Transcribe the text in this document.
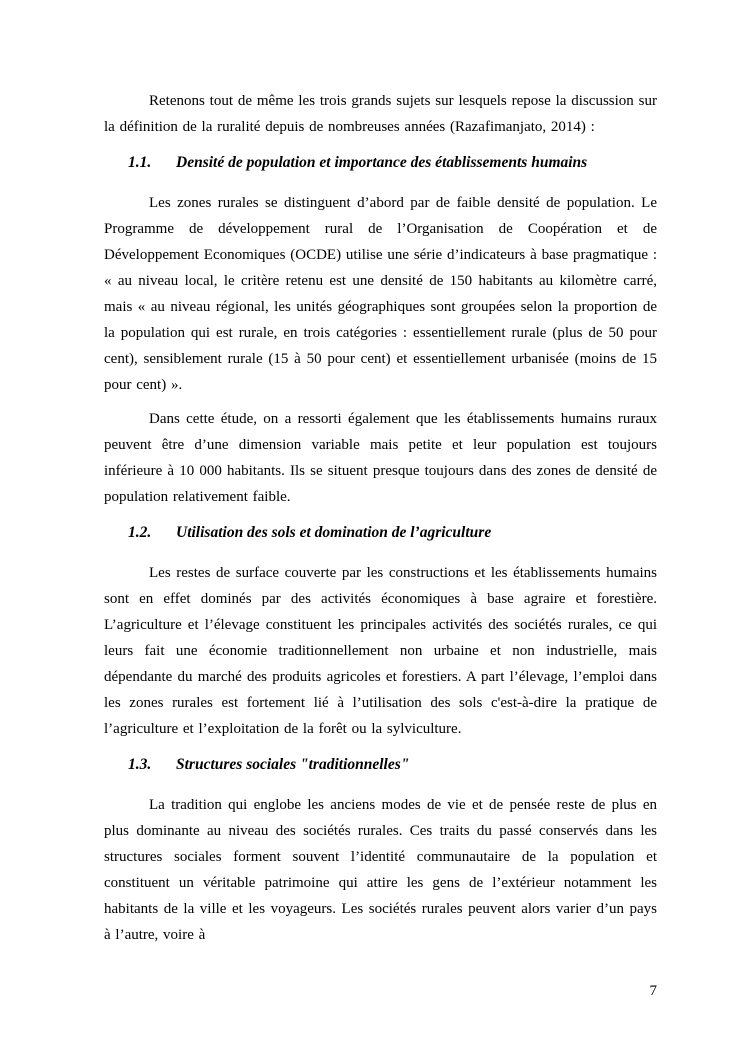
Retenons tout de même les trois grands sujets sur lesquels repose la discussion sur la définition de la ruralité depuis de nombreuses années (Razafimanjato, 2014) :

1.1. Densité de population et importance des établissements humains

Les zones rurales se distinguent d’abord par de faible densité de population. Le Programme de développement rural de l’Organisation de Coopération et de Développement Economiques (OCDE) utilise une série d’indicateurs à base pragmatique : « au niveau local, le critère retenu est une densité de 150 habitants au kilomètre carré, mais « au niveau régional, les unités géographiques sont groupées selon la proportion de la population qui est rurale, en trois catégories : essentiellement rurale (plus de 50 pour cent), sensiblement rurale (15 à 50 pour cent) et essentiellement urbanisée (moins de 15 pour cent) ».

Dans cette étude, on a ressorti également que les établissements humains ruraux peuvent être d’une dimension variable mais petite et leur population est toujours inférieure à 10 000 habitants. Ils se situent presque toujours dans des zones de densité de population relativement faible.

1.2. Utilisation des sols et domination de l’agriculture

Les restes de surface couverte par les constructions et les établissements humains sont en effet dominés par des activités économiques à base agraire et forestière. L’agriculture et l’élevage constituent les principales activités des sociétés rurales, ce qui leurs fait une économie traditionnellement non urbaine et non industrielle, mais dépendante du marché des produits agricoles et forestiers. A part l’élevage, l’emploi dans les zones rurales est fortement lié à l’utilisation des sols c'est-à-dire la pratique de l’agriculture et l’exploitation de la forêt ou la sylviculture.

1.3. Structures sociales "traditionnelles"

La tradition qui englobe les anciens modes de vie et de pensée reste de plus en plus dominante au niveau des sociétés rurales. Ces traits du passé conservés dans les structures sociales forment souvent l’identité communautaire de la population et constituent un véritable patrimoine qui attire les gens de l’extérieur notamment les habitants de la ville et les voyageurs. Les sociétés rurales peuvent alors varier d’un pays à l’autre, voire à

7
